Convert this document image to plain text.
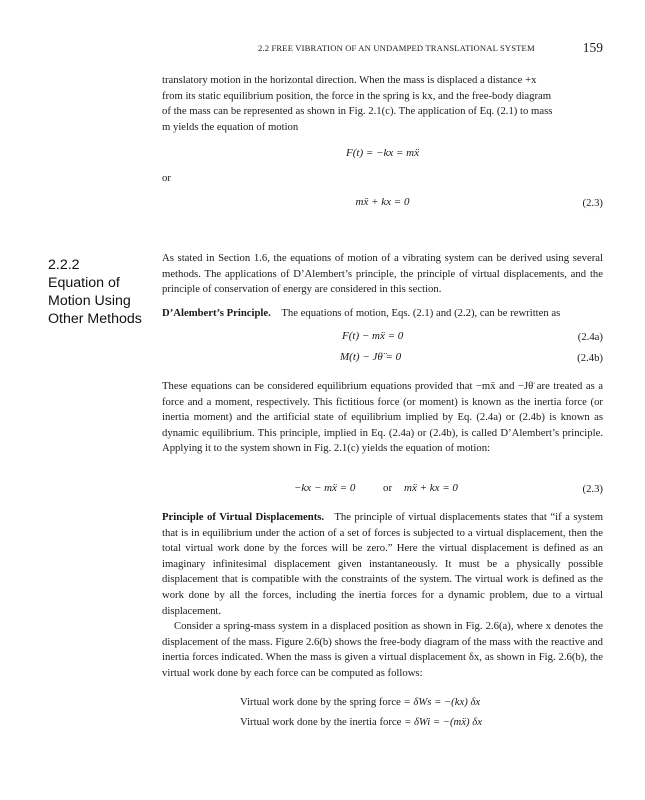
2.2 FREE VIBRATION OF AN UNDAMPED TRANSLATIONAL SYSTEM	159
translatory motion in the horizontal direction. When the mass is displaced a distance +x
from its static equilibrium position, the force in the spring is kx, and the free-body diagram
of the mass can be represented as shown in Fig. 2.1(c). The application of Eq. (2.1) to mass
m yields the equation of motion
F(t) = −kx = mẍ
or
mẍ + kx = 0	(2.3)
2.2.2
Equation of
Motion Using
Other Methods

As stated in Section 1.6, the equations of motion of a vibrating system can be derived using several methods. The applications of D’Alembert’s principle, the principle of virtual displacements, and the principle of conservation of energy are considered in this section.

D’Alembert’s Principle. The equations of motion, Eqs. (2.1) and (2.2), can be rewritten as
F(t) − mẍ = 0	(2.4a)
M(t) − Jθ̈ = 0	(2.4b)

These equations can be considered equilibrium equations provided that −mẍ and −Jθ̈ are treated as a force and a moment, respectively. This fictitious force (or moment) is known as the inertia force (or inertia moment) and the artificial state of equilibrium implied by Eq. (2.4a) or (2.4b) is known as dynamic equilibrium. This principle, implied in Eq. (2.4a) or (2.4b), is called D’Alembert’s principle. Applying it to the system shown in Fig. 2.1(c) yields the equation of motion:

−kx − mẍ = 0	or mẍ + kx = 0	(2.3)

Principle of Virtual Displacements. The principle of virtual displacements states that “if a system that is in equilibrium under the action of a set of forces is subjected to a virtual displacement, then the total virtual work done by the forces will be zero.” Here the virtual displacement is defined as an imaginary infinitesimal displacement given instantaneously. It must be a physically possible displacement that is compatible with the constraints of the system. The virtual work is defined as the work done by all the forces, including the inertia forces for a dynamic problem, due to a virtual displacement.

Consider a spring-mass system in a displaced position as shown in Fig. 2.6(a), where x denotes the displacement of the mass. Figure 2.6(b) shows the free-body diagram of the mass with the reactive and inertia forces indicated. When the mass is given a virtual displacement δx, as shown in Fig. 2.6(b), the virtual work done by each force can be computed as follows:

Virtual work done by the spring force = δWs = −(kx) δx
Virtual work done by the inertia force = δWi = −(mẍ) δx
